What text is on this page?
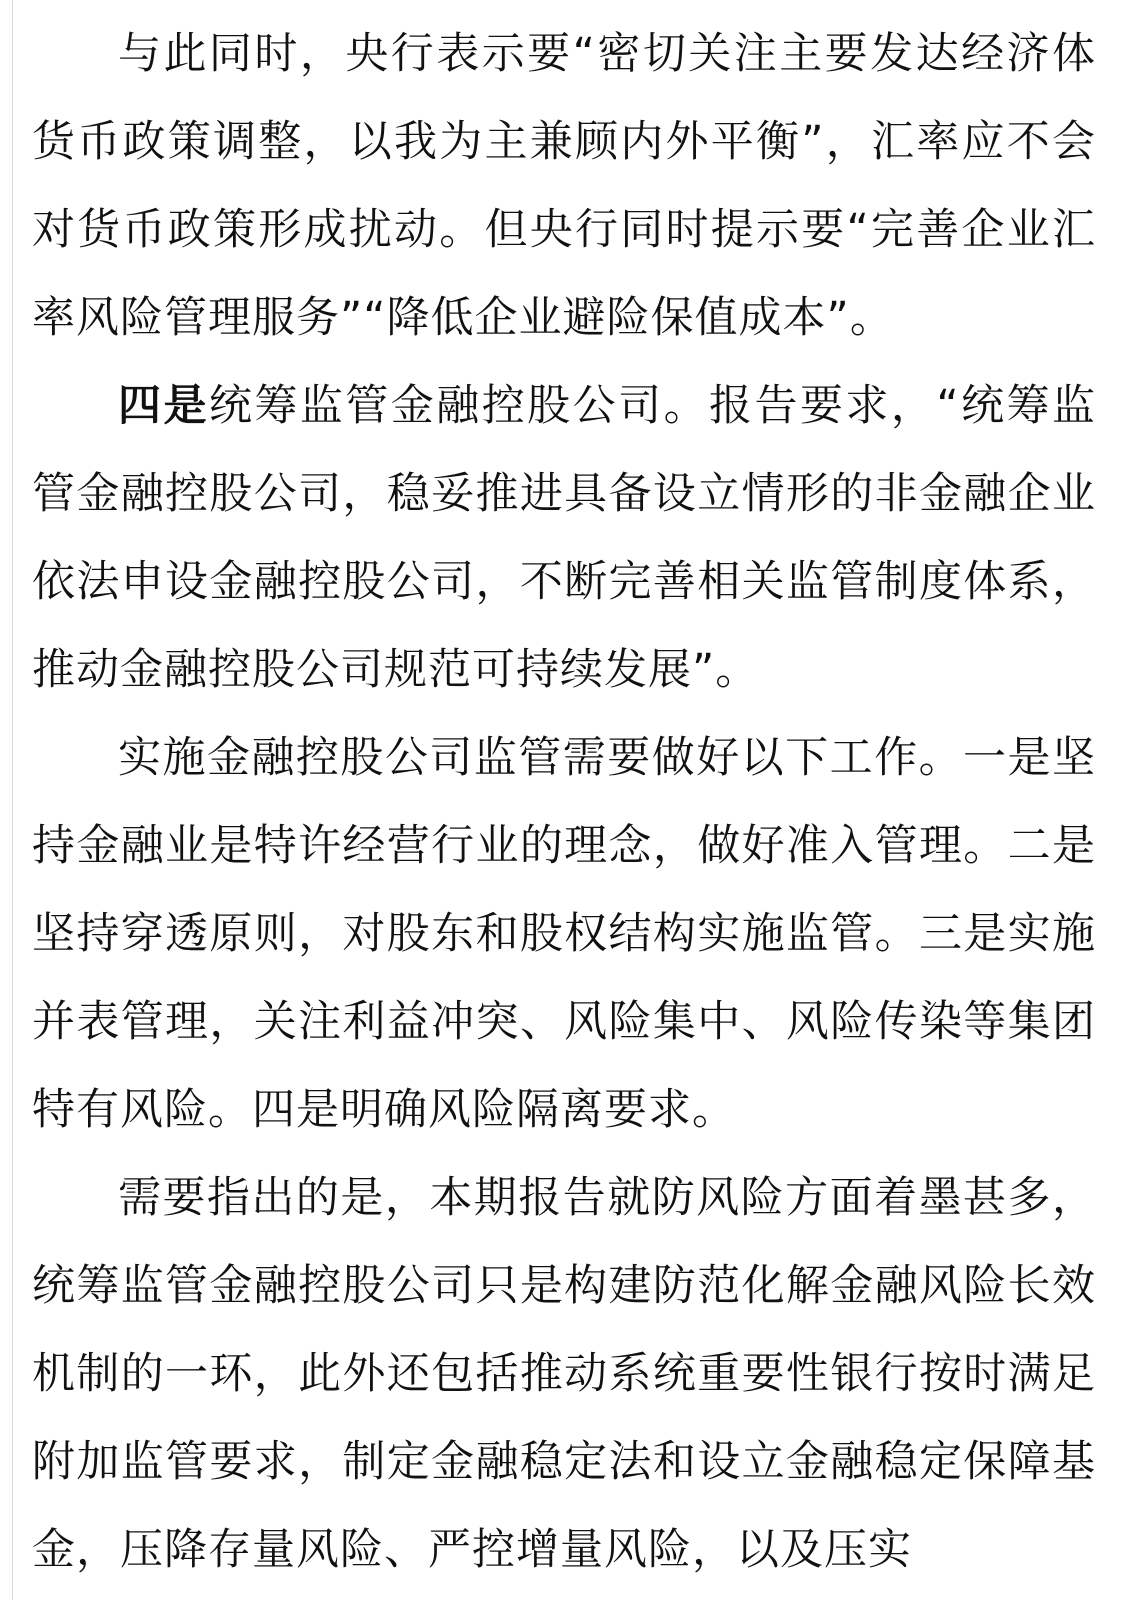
与此同时，央行表示要“密切关注主要发达经济体货币政策调整，以我为主兼顾内外平衡”，汇率应不会对货币政策形成扰动。但央行同时提示要“完善企业汇率风险管理服务”“降低企业避险保值成本”。

四是统筹监管金融控股公司。报告要求，“统筹监管金融控股公司，稳妥推进具备设立情形的非金融企业依法申设金融控股公司，不断完善相关监管制度体系，推动金融控股公司规范可持续发展”。

实施金融控股公司监管需要做好以下工作。一是坚持金融业是特许经营行业的理念，做好准入管理。二是坚持穿透原则，对股东和股权结构实施监管。三是实施并表管理，关注利益冲突、风险集中、风险传染等集团特有风险。四是明确风险隔离要求。

需要指出的是，本期报告就防风险方面着墨甚多，统筹监管金融控股公司只是构建防范化解金融风险长效机制的一环，此外还包括推动系统重要性银行按时满足附加监管要求，制定金融稳定法和设立金融稳定保障基金，压降存量风险、严控增量风险，以及压实
